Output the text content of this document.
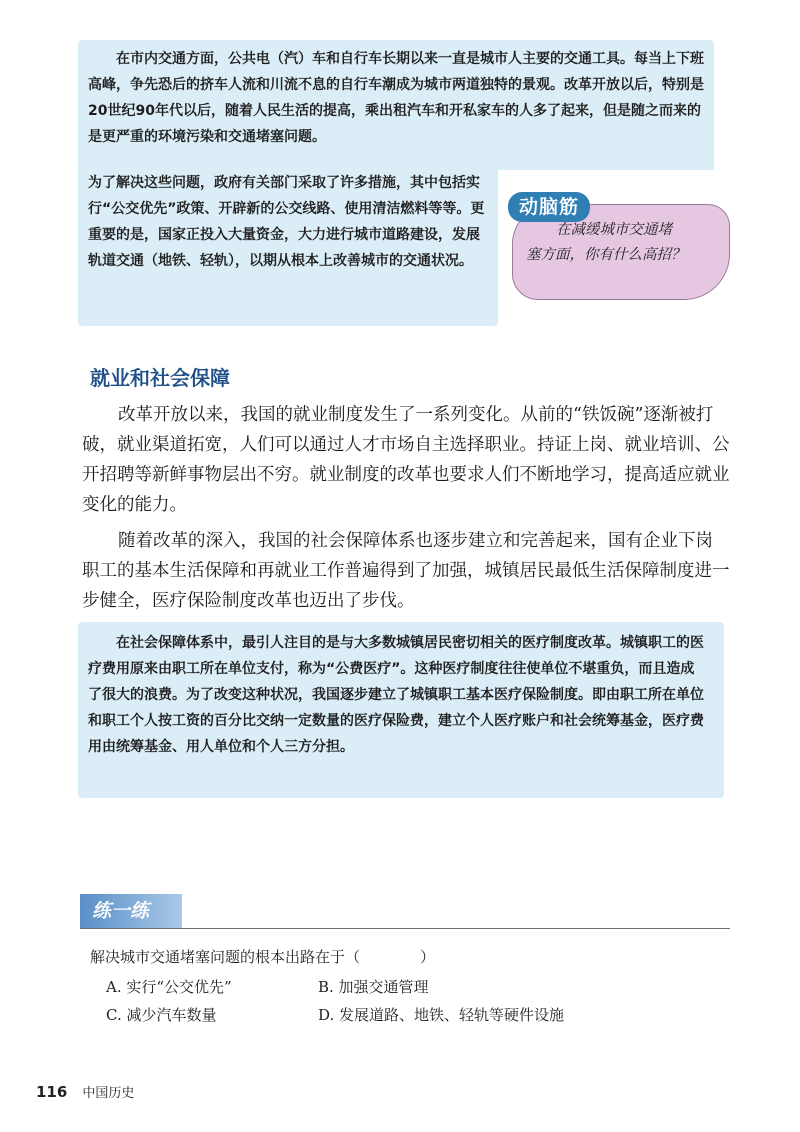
在市内交通方面，公共电（汽）车和自行车长期以来一直是城市人主要的交通工具。每当上下班高峰，争先恐后的挤车人流和川流不息的自行车潮成为城市两道独特的景观。改革开放以后，特别是20世纪90年代以后，随着人民生活的提高，乘出租汽车和开私家车的人多了起来，但是随之而来的是更严重的环境污染和交通堵塞问题。

为了解决这些问题，政府有关部门采取了许多措施，其中包括实行“公交优先”政策、开辟新的公交线路、使用清洁燃料等等。更重要的是，国家正投入大量资金，大力进行城市道路建设，发展轨道交通（地铁、轻轨），以期从根本上改善城市的交通状况。

动脑筋
在减缓城市交通堵
塞方面，你有什么高招？
就业和社会保障

改革开放以来，我国的就业制度发生了一系列变化。从前的“铁饭碗”逐渐被打破，就业渠道拓宽，人们可以通过人才市场自主选择职业。持证上岗、就业培训、公开招聘等新鲜事物层出不穷。就业制度的改革也要求人们不断地学习，提高适应就业变化的能力。

随着改革的深入，我国的社会保障体系也逐步建立和完善起来，国有企业下岗职工的基本生活保障和再就业工作普遍得到了加强，城镇居民最低生活保障制度进一步健全，医疗保险制度改革也迈出了步伐。

在社会保障体系中，最引人注目的是与大多数城镇居民密切相关的医疗制度改革。城镇职工的医疗费用原来由职工所在单位支付，称为“公费医疗”。这种医疗制度往往使单位不堪重负，而且造成了很大的浪费。为了改变这种状况，我国逐步建立了城镇职工基本医疗保险制度。即由职工所在单位和职工个人按工资的百分比交纳一定数量的医疗保险费，建立个人医疗账户和社会统筹基金，医疗费用由统筹基金、用人单位和个人三方分担。

练一练
解决城市交通堵塞问题的根本出路在于（	）
A. 实行“公交优先”	B. 加强交通管理
C. 减少汽车数量	D. 发展道路、地铁、轻轨等硬件设施
116 中国历史
